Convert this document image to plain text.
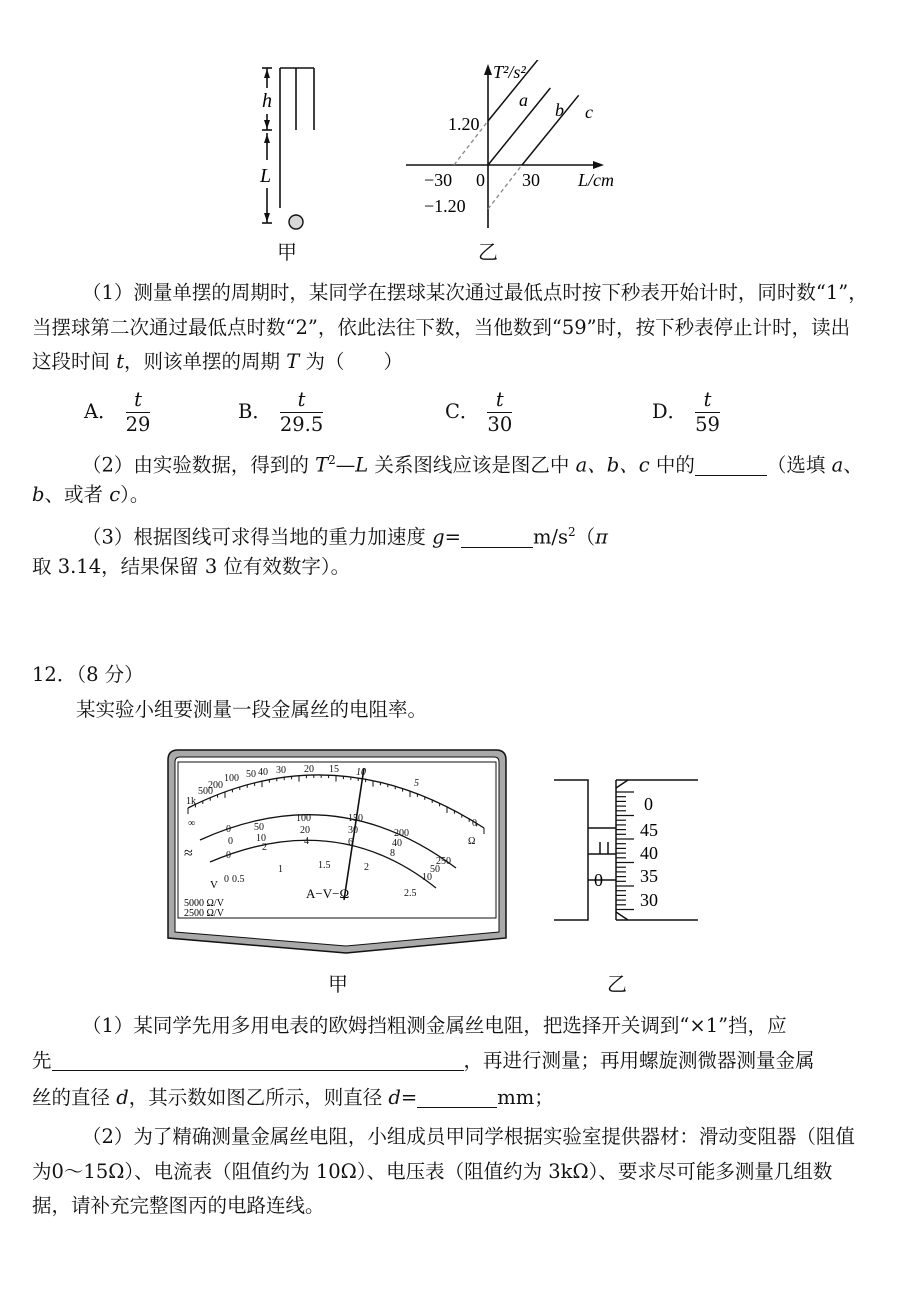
h
L
甲
T²/s²
1.20
−1.20
−30 0 30 L/cm
a b c
乙
（1）测量单摆的周期时，某同学在摆球某次通过最低点时按下秒表开始计时，同时数“1”，当摆球第二次通过最低点时数“2”，依此法往下数，当他数到“59”时，按下秒表停止计时，读出这段时间 t，则该单摆的周期 T 为（　　）
A． $\frac{t}{29}$	B． $\frac{t}{29.5}$	C． $\frac{t}{30}$	D． $\frac{t}{59}$
（2）由实验数据，得到的 $T^2—L$ 关系图线应该是图乙中 a、b、c 中的	（选填 a、
b、或者 c）。
（3）根据图线可求得当地的重力加速度 g=	$m/s^2(\pi$
取 3.14，结果保留 3 位有效数字）。
12．（8 分）
某实验小组要测量一段金属丝的电阻率。
∞
1k
500
200
100 50 40 30 20 15 10
5
0
Ω
0 50
100	150
200
250
0 10
20	30
40
50
0
2
4	6
8
10
0 0.5
1	1.5	2
2.5
≈
V
A−V−Ω
5000 Ω/V
2500 Ω/V
甲
0
0
45
40
35
30
乙
（1）某同学先用多用电表的欧姆挡粗测金属丝电阻，把选择开关调到“×1”挡，应
先	，再进行测量；再用螺旋测微器测量金属
丝的直径 d，其示数如图乙所示，则直径 d=	mm；
（2）为了精确测量金属丝电阻，小组成员甲同学根据实验室提供器材：滑动变阻器（阻值为0～15Ω）、电流表（阻值约为 10Ω）、电压表（阻值约为 3kΩ）、要求尽可能多测量几组数据，请补充完整图丙的电路连线。
